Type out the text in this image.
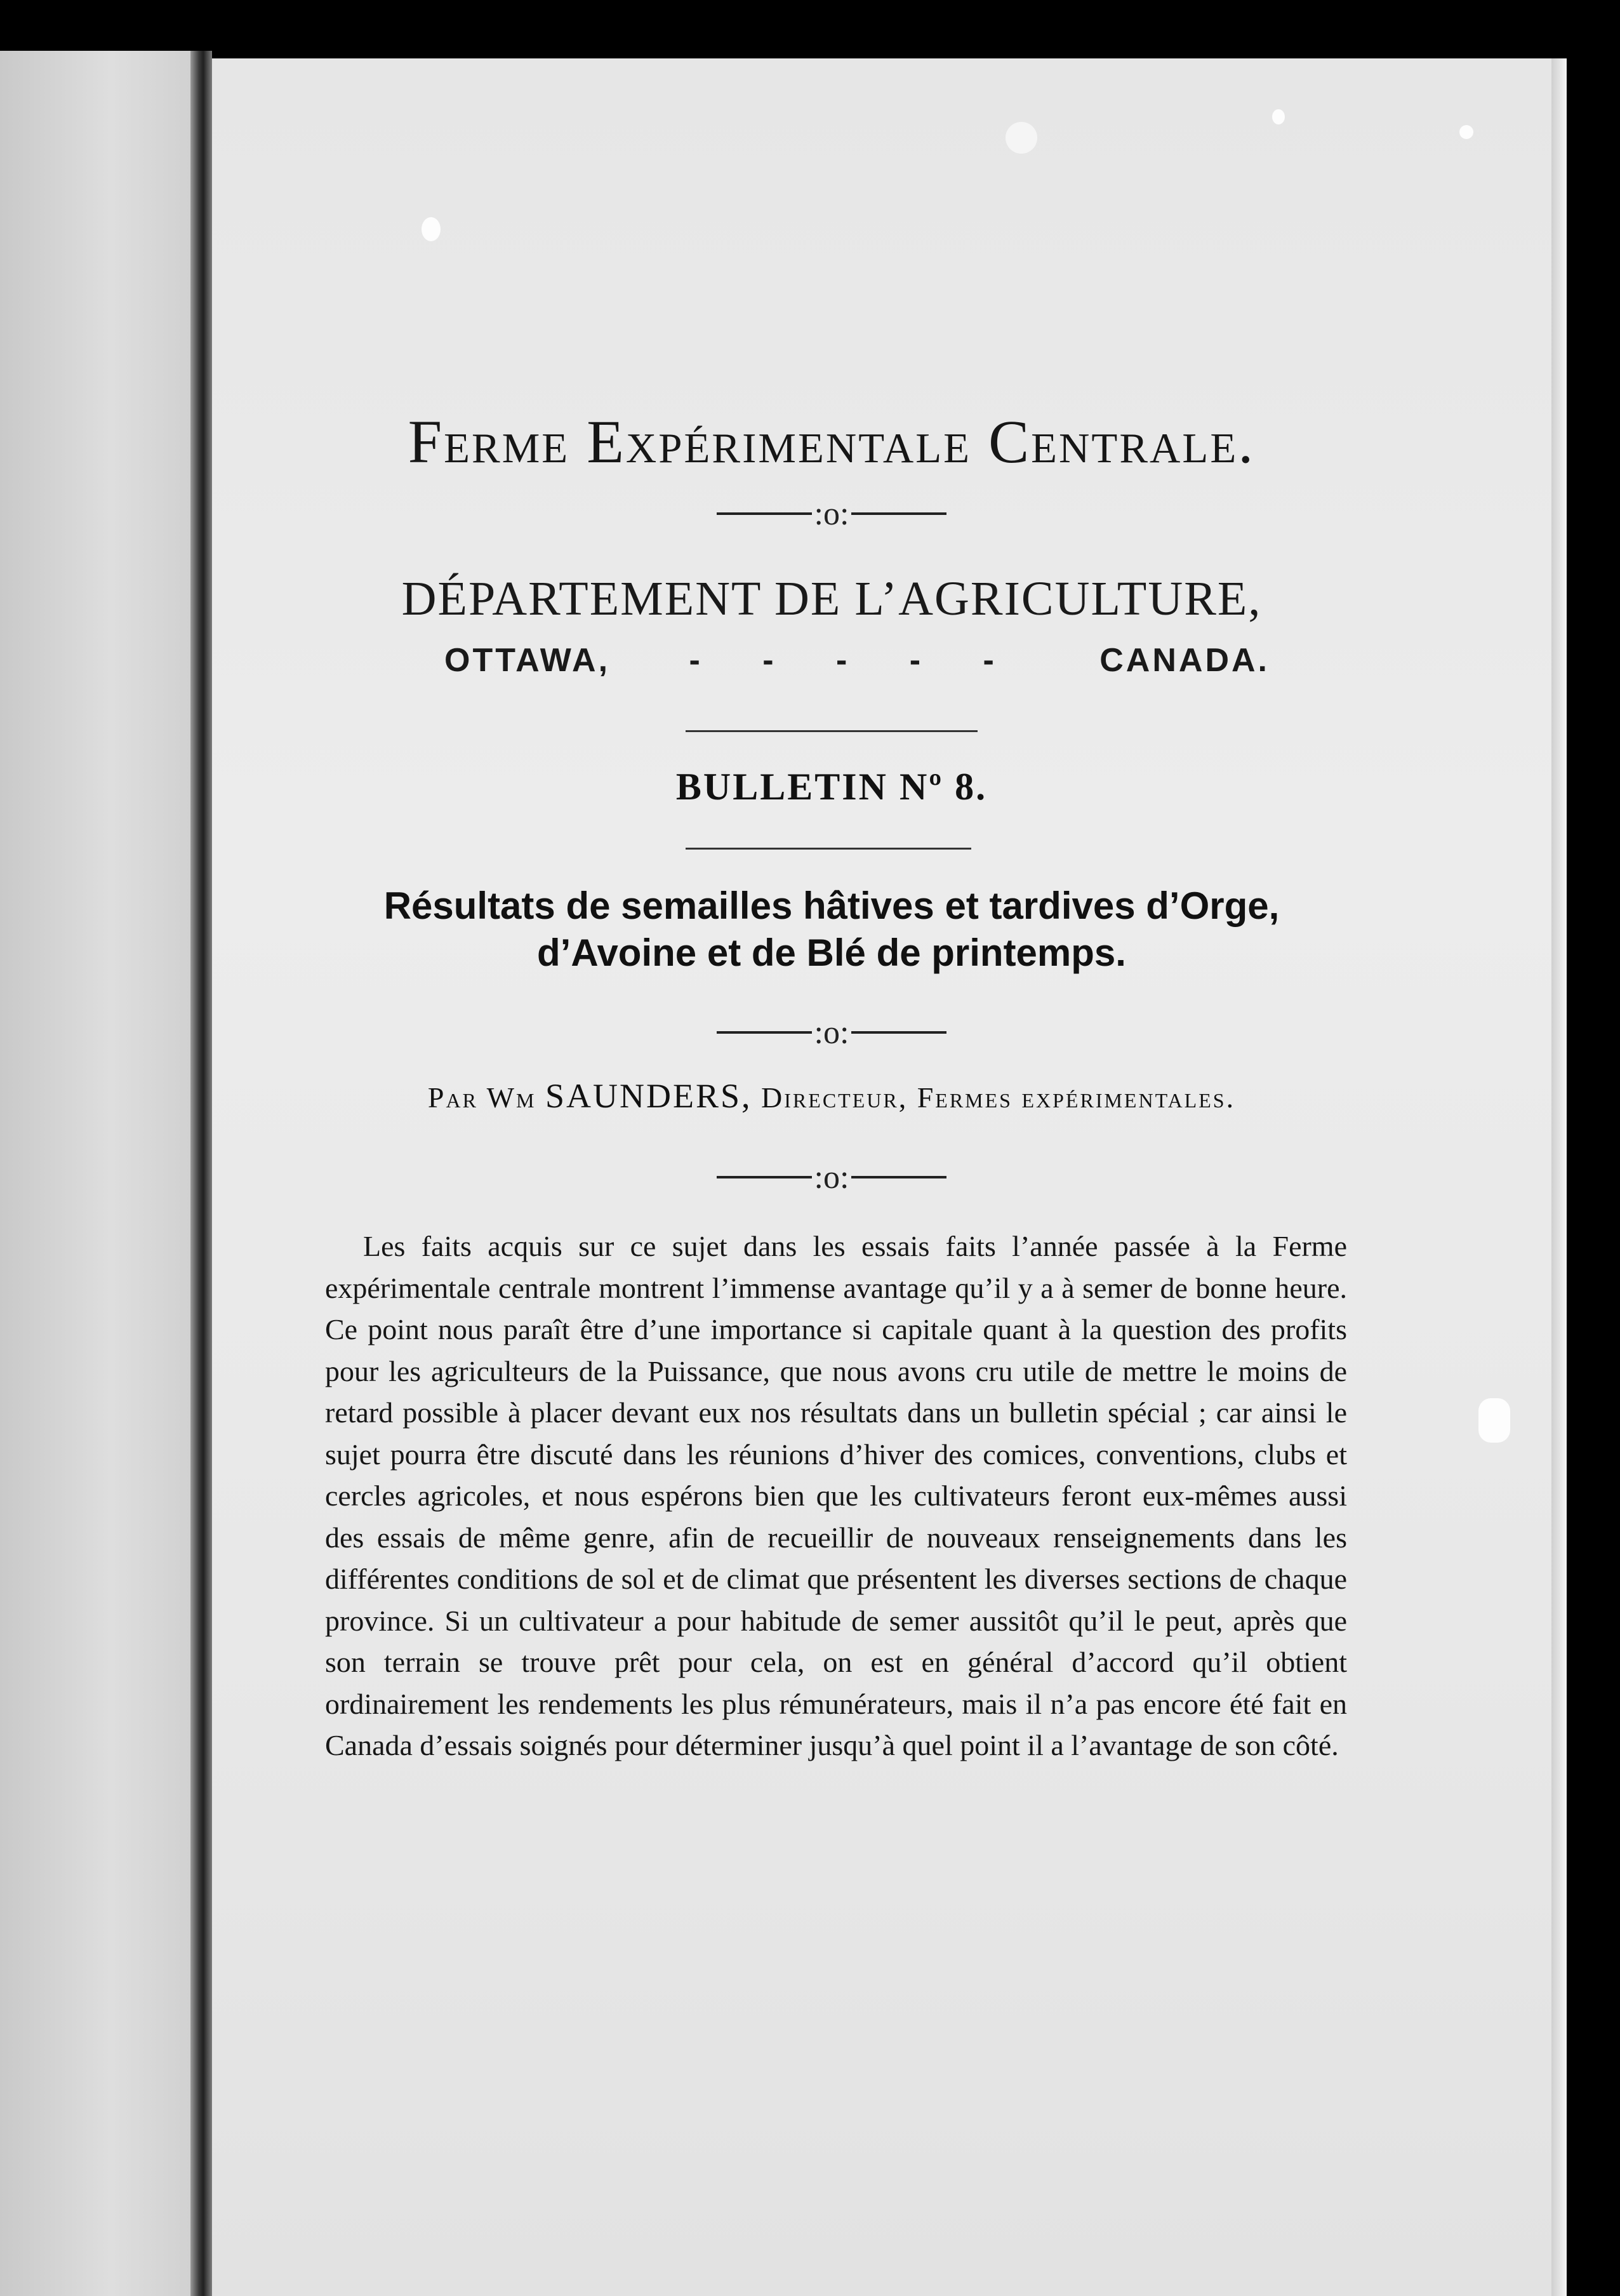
Ferme Expérimentale Centrale.
:o:
DÉPARTEMENT DE L’AGRICULTURE,
OTTAWA, - - - - - CANADA.
BULLETIN Nº 8.
Résultats de semailles hâtives et tardives d’Orge,
d’Avoine et de Blé de printemps.
:o:
Par Wm SAUNDERS, Directeur, Fermes expérimentales.
:o:

Les faits acquis sur ce sujet dans les essais faits l’année passée à la Ferme expérimentale centrale montrent l’immense avantage qu’il y a à semer de bonne heure. Ce point nous paraît être d’une importance si capitale quant à la question des profits pour les agriculteurs de la Puissance, que nous avons cru utile de mettre le moins de retard possible à placer devant eux nos résultats dans un bulletin spécial ; car ainsi le sujet pourra être discuté dans les réunions d’hiver des comices, conventions, clubs et cercles agricoles, et nous espérons bien que les cultivateurs feront eux-mêmes aussi des essais de même genre, afin de recueillir de nouveaux renseignements dans les différentes conditions de sol et de climat que présentent les diverses sections de chaque province. Si un cultivateur a pour habitude de semer aussitôt qu’il le peut, après que son terrain se trouve prêt pour cela, on est en général d’accord qu’il obtient ordinairement les rendements les plus rémunérateurs, mais il n’a pas encore été fait en Canada d’essais soignés pour déterminer jusqu’à quel point il a l’avantage de son côté.
